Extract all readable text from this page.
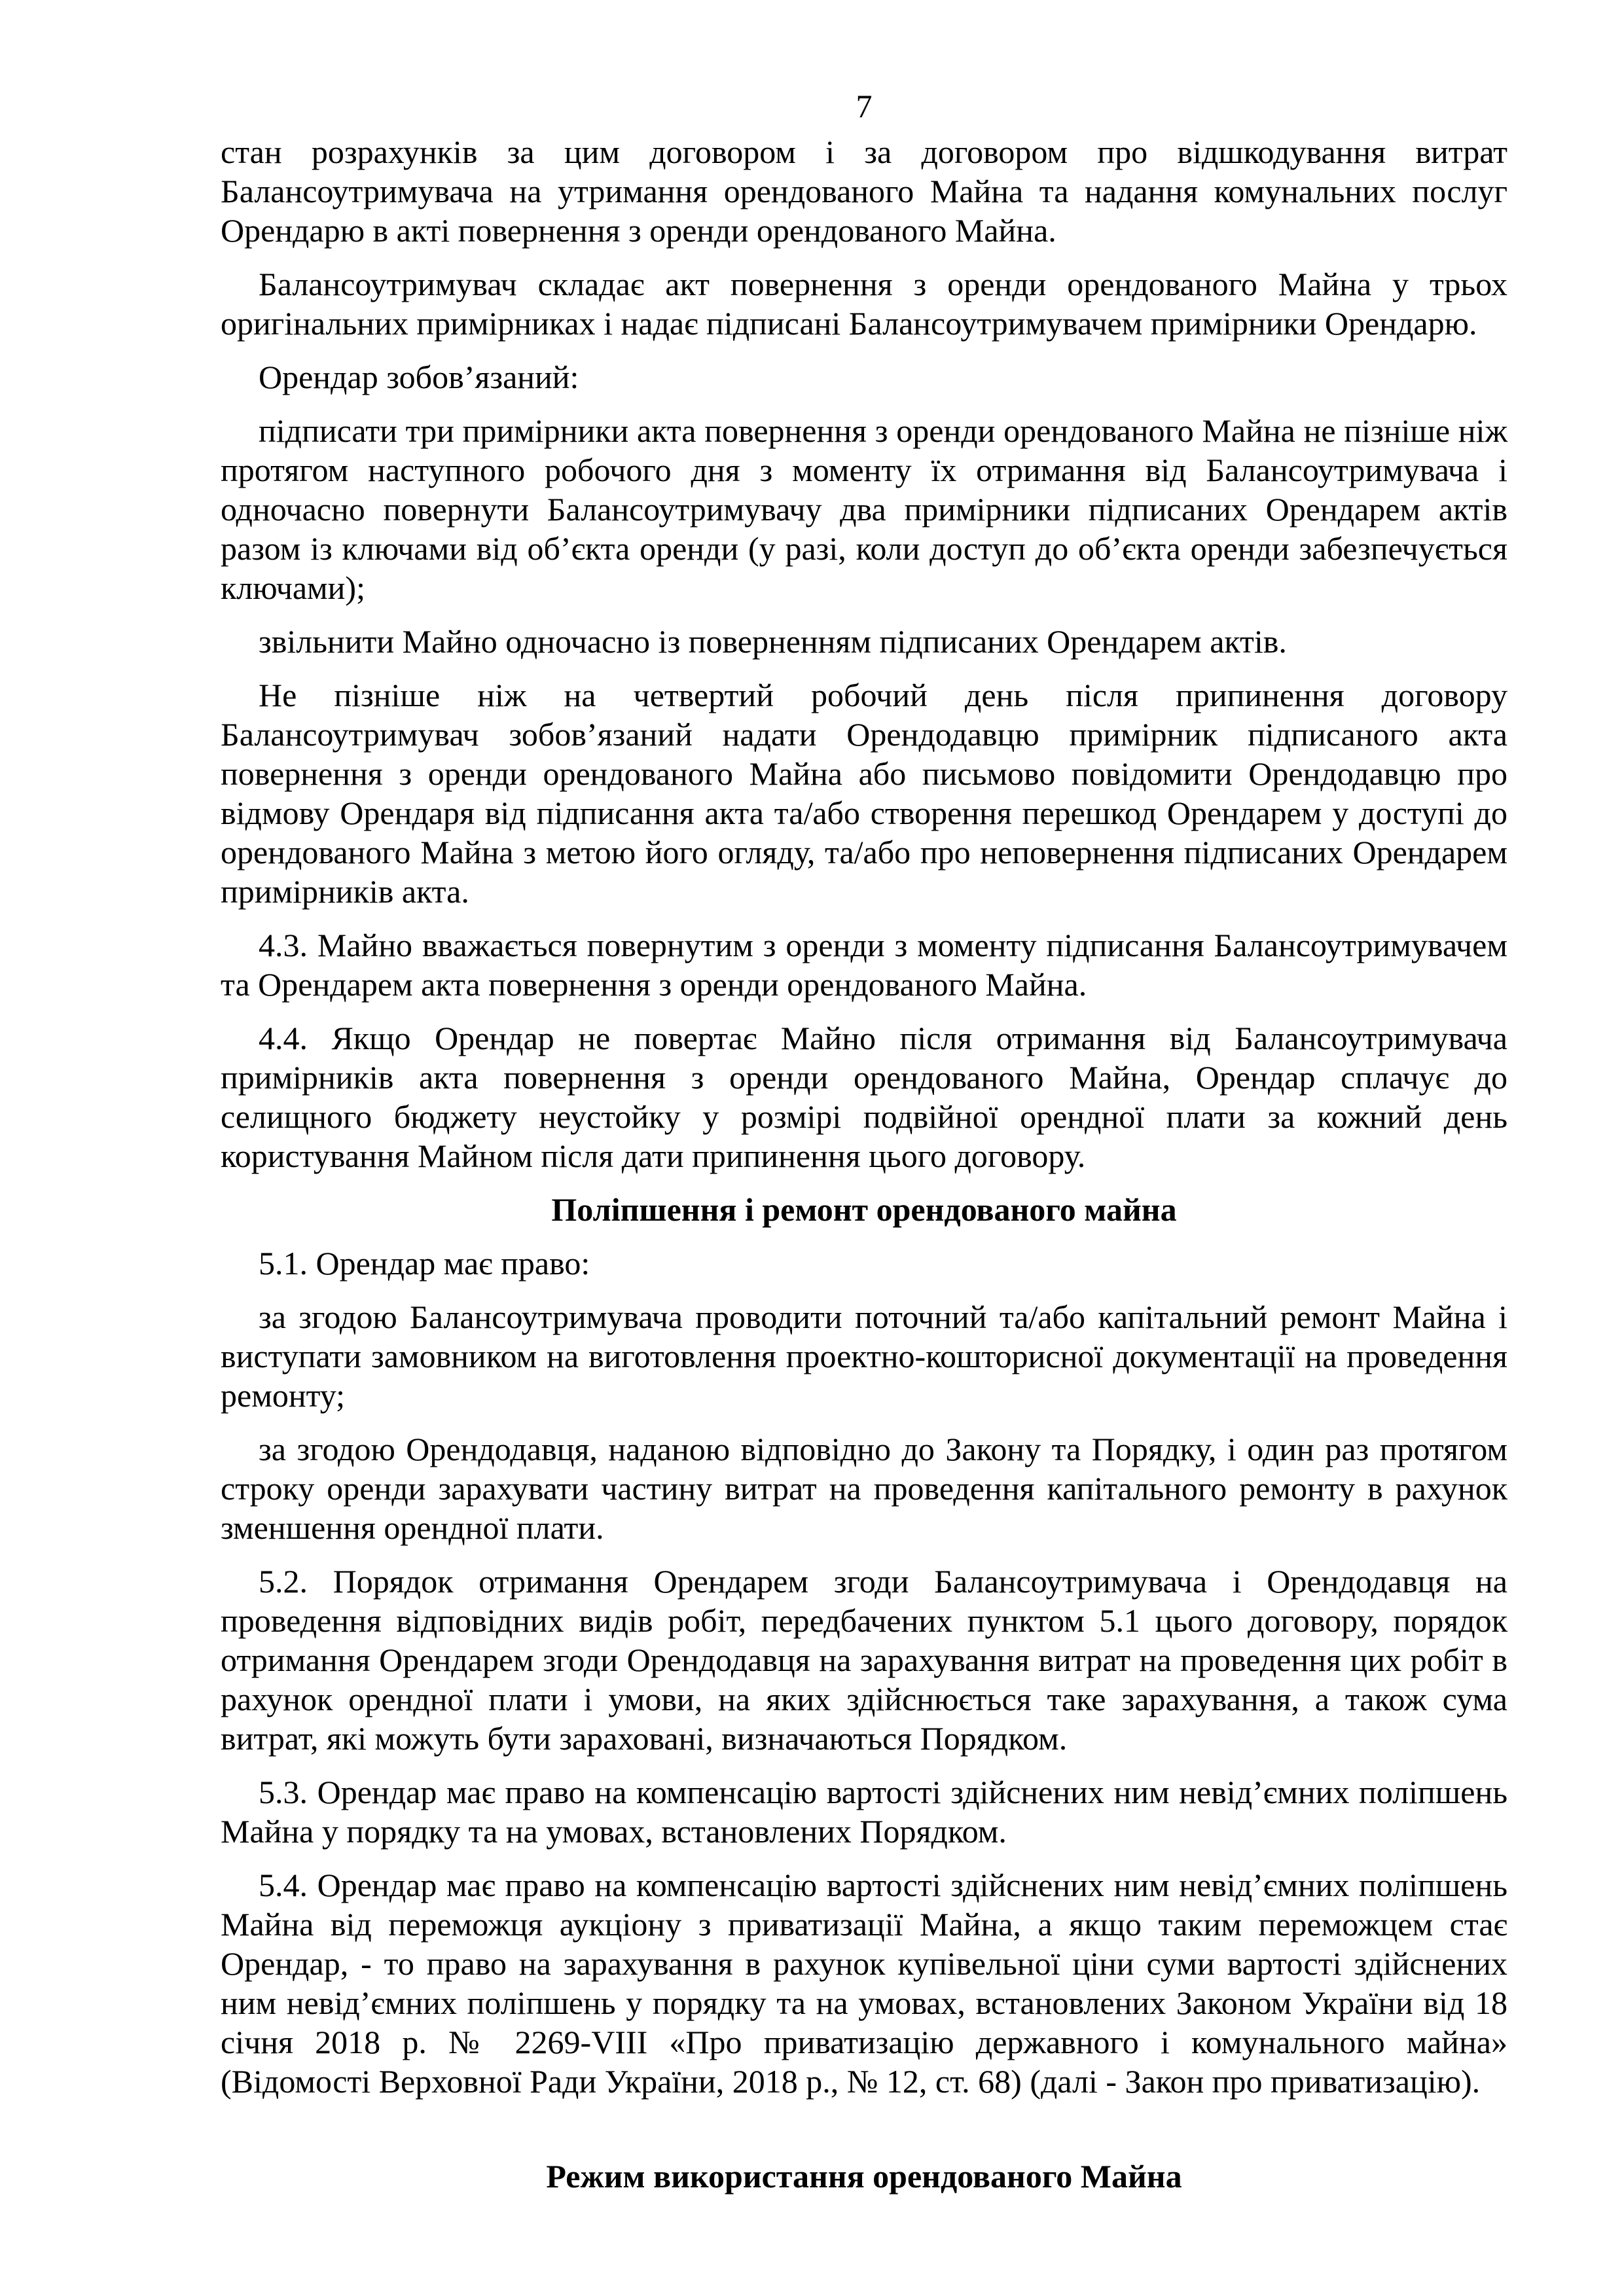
7

стан розрахунків за цим договором і за договором про відшкодування витрат Балансоутримувача на утримання орендованого Майна та надання комунальних послуг Орендарю в акті повернення з оренди орендованого Майна.

Балансоутримувач складає акт повернення з оренди орендованого Майна у трьох оригінальних примірниках і надає підписані Балансоутримувачем примірники Орендарю.

Орендар зобов’язаний:

підписати три примірники акта повернення з оренди орендованого Майна не пізніше ніж протягом наступного робочого дня з моменту їх отримання від Балансоутримувача і одночасно повернути Балансоутримувачу два примірники підписаних Орендарем актів разом із ключами від об’єкта оренди (у разі, коли доступ до об’єкта оренди забезпечується ключами);

звільнити Майно одночасно із поверненням підписаних Орендарем актів.

Не пізніше ніж на четвертий робочий день після припинення договору Балансоутримувач зобов’язаний надати Орендодавцю примірник підписаного акта повернення з оренди орендованого Майна або письмово повідомити Орендодавцю про відмову Орендаря від підписання акта та/або створення перешкод Орендарем у доступі до орендованого Майна з метою його огляду, та/або про неповернення підписаних Орендарем примірників акта.

4.3. Майно вважається повернутим з оренди з моменту підписання Балансоутримувачем та Орендарем акта повернення з оренди орендованого Майна.

4.4. Якщо Орендар не повертає Майно після отримання від Балансоутримувача примірників акта повернення з оренди орендованого Майна, Орендар сплачує до селищного бюджету неустойку у розмірі подвійної орендної плати за кожний день користування Майном після дати припинення цього договору.

Поліпшення і ремонт орендованого майна

5.1. Орендар має право:

за згодою Балансоутримувача проводити поточний та/або капітальний ремонт Майна і виступати замовником на виготовлення проектно-кошторисної документації на проведення ремонту;

за згодою Орендодавця, наданою відповідно до Закону та Порядку, і один раз протягом строку оренди зарахувати частину витрат на проведення капітального ремонту в рахунок зменшення орендної плати.

5.2. Порядок отримання Орендарем згоди Балансоутримувача і Орендодавця на проведення відповідних видів робіт, передбачених пунктом 5.1 цього договору, порядок отримання Орендарем згоди Орендодавця на зарахування витрат на проведення цих робіт в рахунок орендної плати і умови, на яких здійснюється таке зарахування, а також сума витрат, які можуть бути зараховані, визначаються Порядком.

5.3. Орендар має право на компенсацію вартості здійснених ним невід’ємних поліпшень Майна у порядку та на умовах, встановлених Порядком.

5.4. Орендар має право на компенсацію вартості здійснених ним невід’ємних поліпшень Майна від переможця аукціону з приватизації Майна, а якщо таким переможцем стає Орендар, - то право на зарахування в рахунок купівельної ціни суми вартості здійснених ним невід’ємних поліпшень у порядку та на умовах, встановлених Законом України від 18 січня 2018 р. № 2269-VIII «Про приватизацію державного і комунального майна» (Відомості Верховної Ради України, 2018 р., № 12, ст. 68) (далі - Закон про приватизацію).

Режим використання орендованого Майна
